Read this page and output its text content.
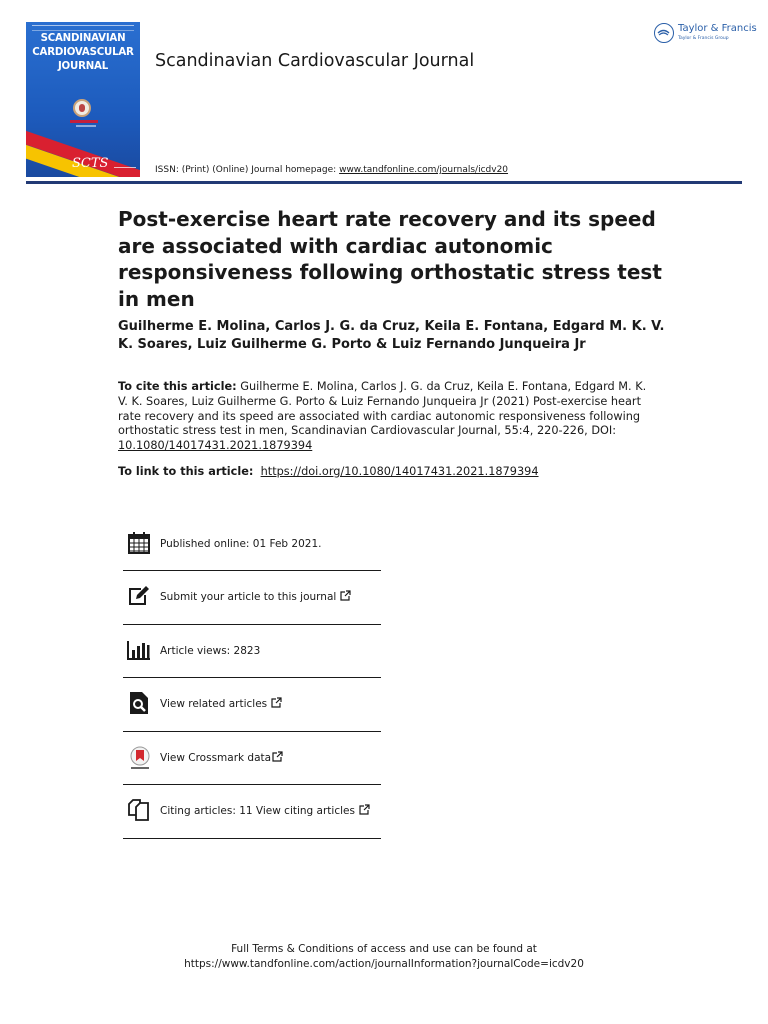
SCANDINAVIAN
CARDIOVASCULAR
JOURNAL
SCTS
Scandinavian Cardiovascular Journal
Taylor & Francis
Taylor & Francis Group
ISSN: (Print) (Online) Journal homepage: www.tandfonline.com/journals/icdv20
Post-exercise heart rate recovery and its speed are associated with cardiac autonomic responsiveness following orthostatic stress test in men
Guilherme E. Molina, Carlos J. G. da Cruz, Keila E. Fontana, Edgard M. K. V. K. Soares, Luiz Guilherme G. Porto & Luiz Fernando Junqueira Jr
To cite this article: Guilherme E. Molina, Carlos J. G. da Cruz, Keila E. Fontana, Edgard M. K. V. K. Soares, Luiz Guilherme G. Porto & Luiz Fernando Junqueira Jr (2021) Post-exercise heart rate recovery and its speed are associated with cardiac autonomic responsiveness following orthostatic stress test in men, Scandinavian Cardiovascular Journal, 55:4, 220-226, DOI: 10.1080/14017431.2021.1879394
To link to this article: https://doi.org/10.1080/14017431.2021.1879394
Published online: 01 Feb 2021.
Submit your article to this journal
Article views: 2823
View related articles
View Crossmark data
Citing articles: 11 View citing articles
Full Terms & Conditions of access and use can be found at
https://www.tandfonline.com/action/journalInformation?journalCode=icdv20
